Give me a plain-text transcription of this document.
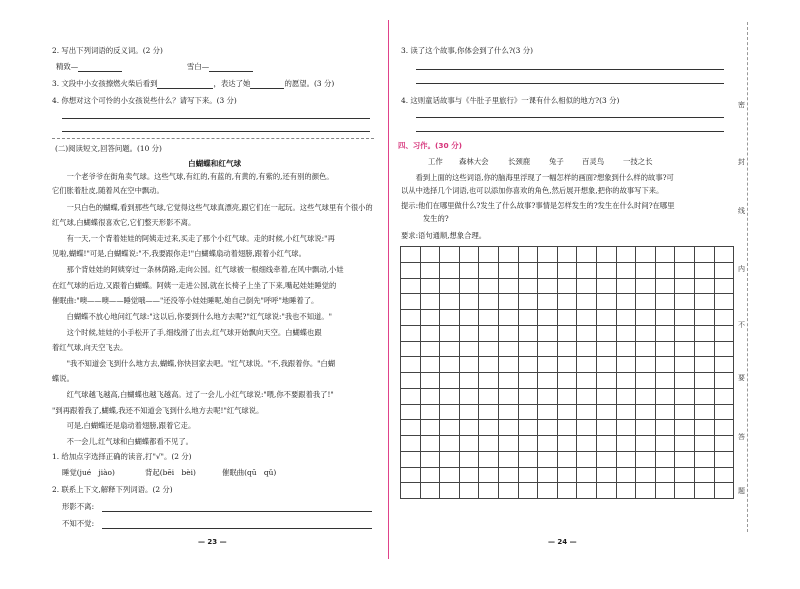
2. 写出下列词语的反义词。(2 分)
精致—	雪白—
3. 文段中小女孩擦燃火柴后看到	，表达了她	的愿望。(3 分)
4. 你想对这个可怜的小女孩说些什么？请写下来。(3 分)
(二)阅读短文,回答问题。(10 分)
白蝴蝶和红气球
　　一个老爷爷在街角卖气球。这些气球,有红的,有蓝的,有黄的,有紫的,还有别的颜色。
它们胀着肚皮,随着风在空中飘动。
　　一只白色的蝴蝶,看到那些气球,它觉得这些气球真漂亮,跟它们在一起玩。这些气球里有个很小的
红气球,白蝴蝶很喜欢它,它们整天形影不离。
　　有一天,一个背着娃娃的阿姨走过来,买走了那个小红气球。走的时候,小红气球说:"再
见啦,蝴蝶!"可是,白蝴蝶说:"不,我要跟你走!"白蝴蝶扇动着翅膀,跟着小红气球。
　　那个背娃娃的阿姨穿过一条林荫路,走向公园。红气球被一根细线牵着,在风中飘动,小娃
在红气球的后边,又跟着白蝴蝶。阿姨一走进公园,就在长椅子上坐了下来,嘴起娃娃睡觉的
催眠曲:"噢——噢——睡觉哦——"还没等小娃娃睡呢,她自己倒先"呼呼"地睡着了。
　　白蝴蝶不放心地问红气球:"这以后,你要到什么地方去呢?"红气球说:"我也不知道。"
　　这个时候,娃娃的小手松开了手,细线滑了出去,红气球开始飘向天空。白蝴蝶也跟
着红气球,向天空飞去。
　　"我不知道会飞到什么地方去,蝴蝶,你快回家去吧。"红气球说。"不,我跟着你。"白蝴
蝶说。
　　红气球越飞越高,白蝴蝶也越飞越高。过了一会儿,小红气球说:"喂,你不要跟着我了!"
"到再跟着我了,蝴蝶,我还不知道会飞到什么地方去呢!"红气球说。
　　可是,白蝴蝶还是扇动着翅膀,跟着它走。
　　不一会儿,红气球和白蝴蝶都看不见了。
1. 给加点字选择正确的读音,打"√"。(2 分)
睡觉(jué　jiào)	背起(bēi　bèi)	催眠曲(qū　qǔ)
2. 联系上下文,解释下列词语。(2 分)
形影不离:
不知不觉:
— 23 —
3. 读了这个故事,你体会到了什么?(3 分)
4. 这则童话故事与《牛肚子里旅行》一课有什么相似的地方?(3 分)
四、习作。(30 分)
工作 森林大会	长颈鹿	兔子 百灵鸟	一技之长
　　看到上面的这些词语,你的脑海里浮现了一幅怎样的画面?想象到什么样的故事?可
以从中选择几个词语,也可以添加你喜欢的角色,然后展开想象,把你的故事写下来。
提示:他们在哪里做什么?发生了什么故事?事情是怎样发生的?发生在什么时间?在哪里
　　　发生的?
要求:语句通顺,想象合理。
— 24 —
密
封
线
内
不
要
答
题
